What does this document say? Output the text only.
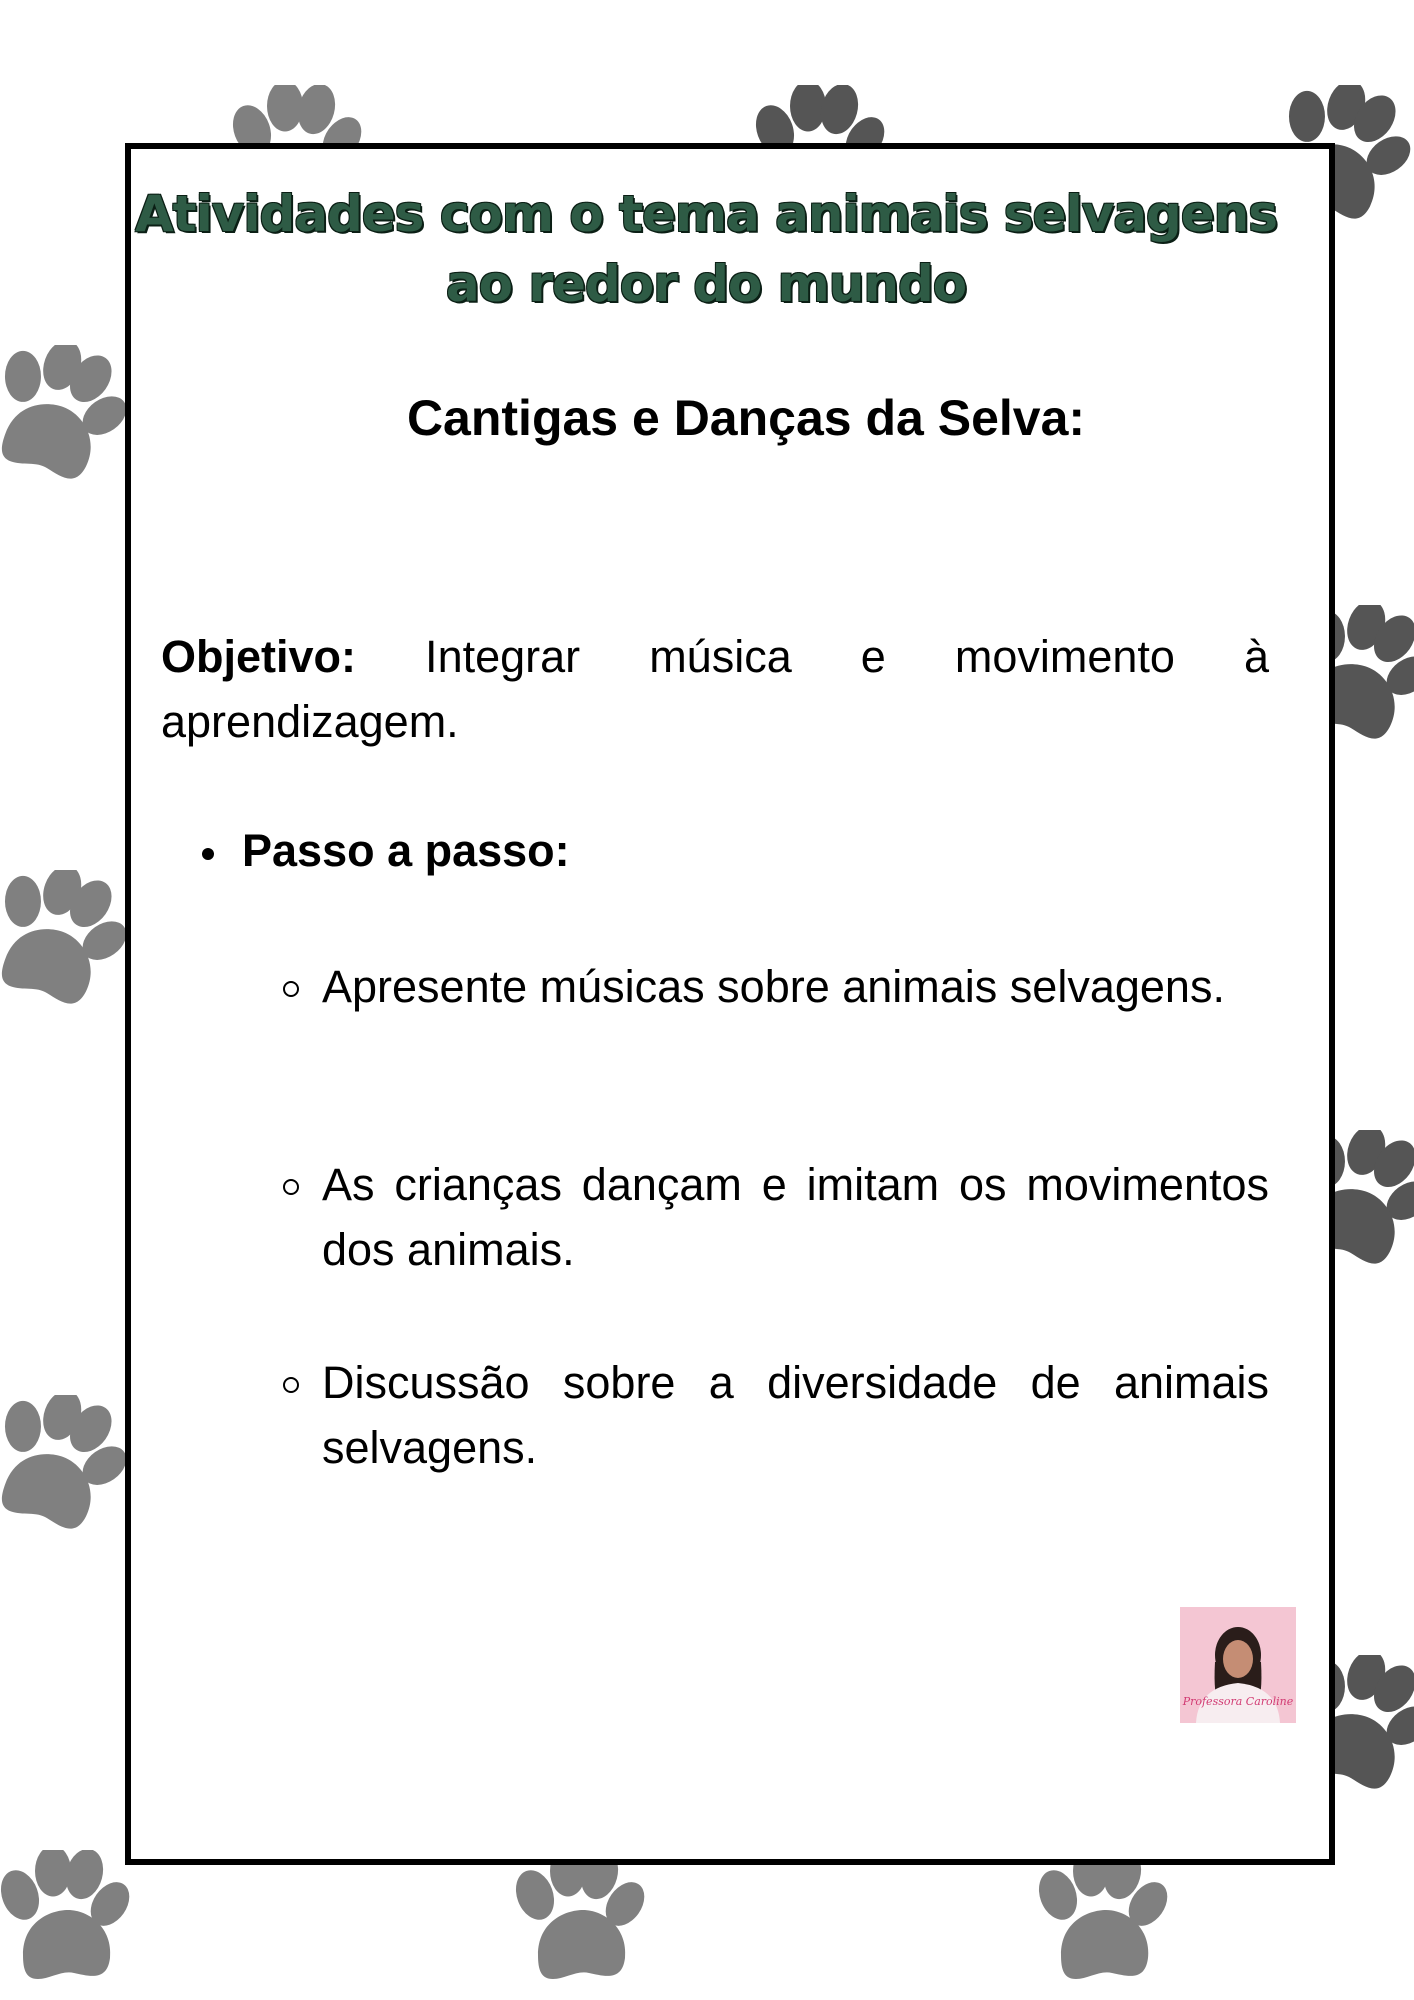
Atividades com o tema animais selvagens ao redor do mundo
Cantigas e Danças da Selva:

Objetivo: Integrar música e movimento à aprendizagem.

Passo a passo:

Apresente músicas sobre animais selvagens.

As crianças dançam e imitam os movimentos dos animais.

Discussão sobre a diversidade de animais selvagens.

Professora Caroline
